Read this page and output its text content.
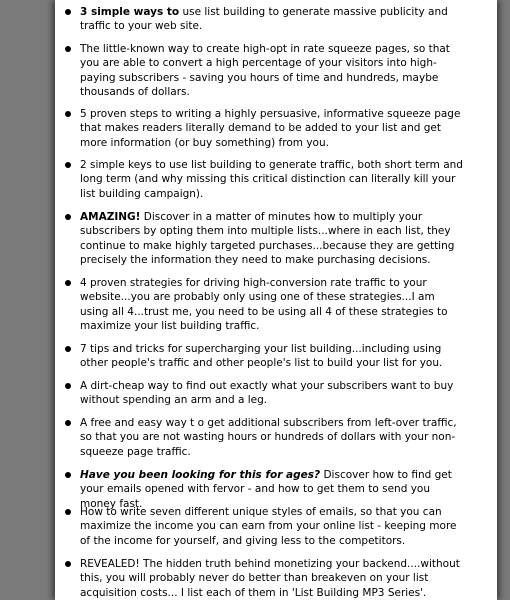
3 simple ways to use list building to generate massive publicity and traffic to your web site.
The little-known way to create high-opt in rate squeeze pages, so that you are able to convert a high percentage of your visitors into high-paying subscribers - saving you hours of time and hundreds, maybe thousands of dollars.
5 proven steps to writing a highly persuasive, informative squeeze page that makes readers literally demand to be added to your list and get more information (or buy something) from you.
2 simple keys to use list building to generate traffic, both short term and long term (and why missing this critical distinction can literally kill your list building campaign).
AMAZING! Discover in a matter of minutes how to multiply your subscribers by opting them into multiple lists...where in each list, they continue to make highly targeted purchases...because they are getting precisely the information they need to make purchasing decisions.
4 proven strategies for driving high-conversion rate traffic to your website...you are probably only using one of these strategies...I am using all 4...trust me, you need to be using all 4 of these strategies to maximize your list building traffic.
7 tips and tricks for supercharging your list building...including using other people's traffic and other people's list to build your list for you.
A dirt-cheap way to find out exactly what your subscribers want to buy without spending an arm and a leg.
A free and easy way t o get additional subscribers from left-over traffic, so that you are not wasting hours or hundreds of dollars with your non-squeeze page traffic.
Have you been looking for this for ages? Discover how to find get your emails opened with fervor - and how to get them to send you money fast.
How to write seven different unique styles of emails, so that you can maximize the income you can earn from your online list - keeping more of the income for yourself, and giving less to the competitors.
REVEALED! The hidden truth behind monetizing your backend....without this, you will probably never do better than breakeven on your list acquisition costs... I list each of them in 'List Building MP3 Series'.
